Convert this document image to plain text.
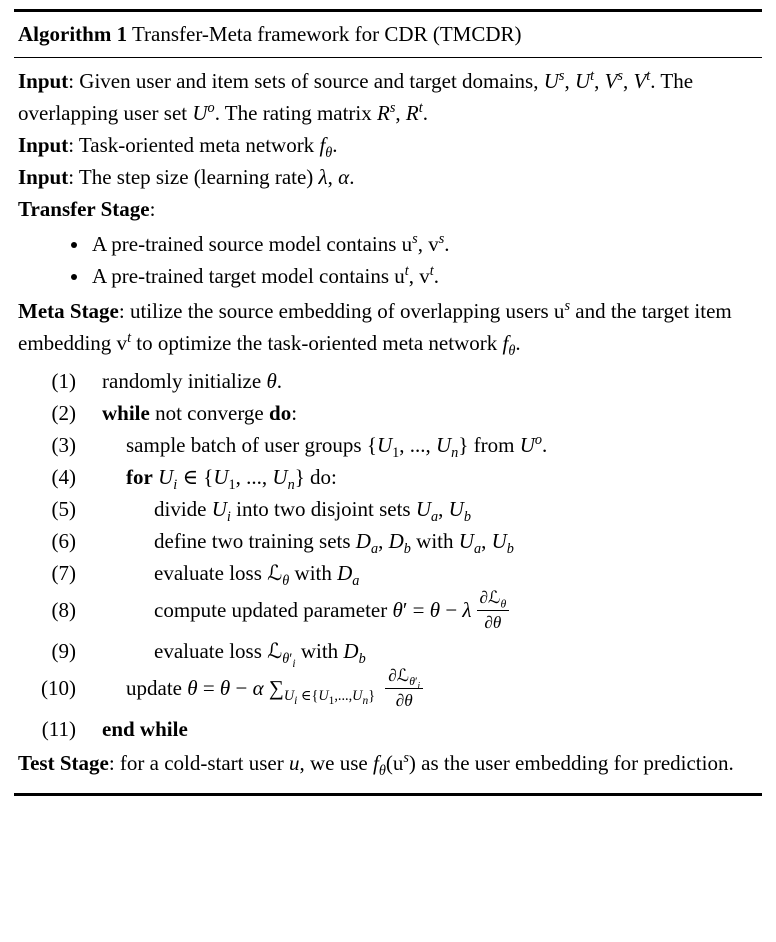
Algorithm 1 Transfer-Meta framework for CDR (TMCDR)

Input: Given user and item sets of source and target domains, $U^s$, $U^t$, $V^s$, $V^t$. The overlapping user set $U^o$. The rating matrix $R^s$, $R^t$.

Input: Task-oriented meta network $f_\theta$.

Input: The step size (learning rate) λ, α.

Transfer Stage:

• A pre-trained source model contains $u^s$, $v^s$.
• A pre-trained target model contains $u^t$, $v^t$.

Meta Stage: utilize the source embedding of overlapping users $u^s$ and the target item embedding $v^t$ to optimize the task-oriented meta network $f_\theta$.

(1) randomly initialize θ.
(2) while not converge do:
(3) sample batch of user groups {$U_1$, ..., $U_n$} from $U^o$.
(4) for $U_i$ ∈ {$U_1$, ..., $U_n$} do:
(5)	divide $U_i$ into two disjoint sets $U_a$, $U_b$
(6)	define two training sets $D_a$, $D_b$ with $U_a$, $U_b$
(7)	evaluate loss ℒ$_\theta$ with $D_a$
(8)	compute updated parameter θ′ = θ − λ $\frac{\partial ℒ_\theta}{\partial\theta}$
(9)	evaluate loss ℒ$_{\theta'_i}$ with $D_b$
(10) update θ = θ − α $\sum_{U_i \in\{U_1,...,U_n\}} \frac{\partial ℒ_{\theta'_i}}{\partial\theta}$
(11) end while

Test Stage: for a cold-start user u, we use $f_\theta(u^s)$ as the user embedding for prediction.
